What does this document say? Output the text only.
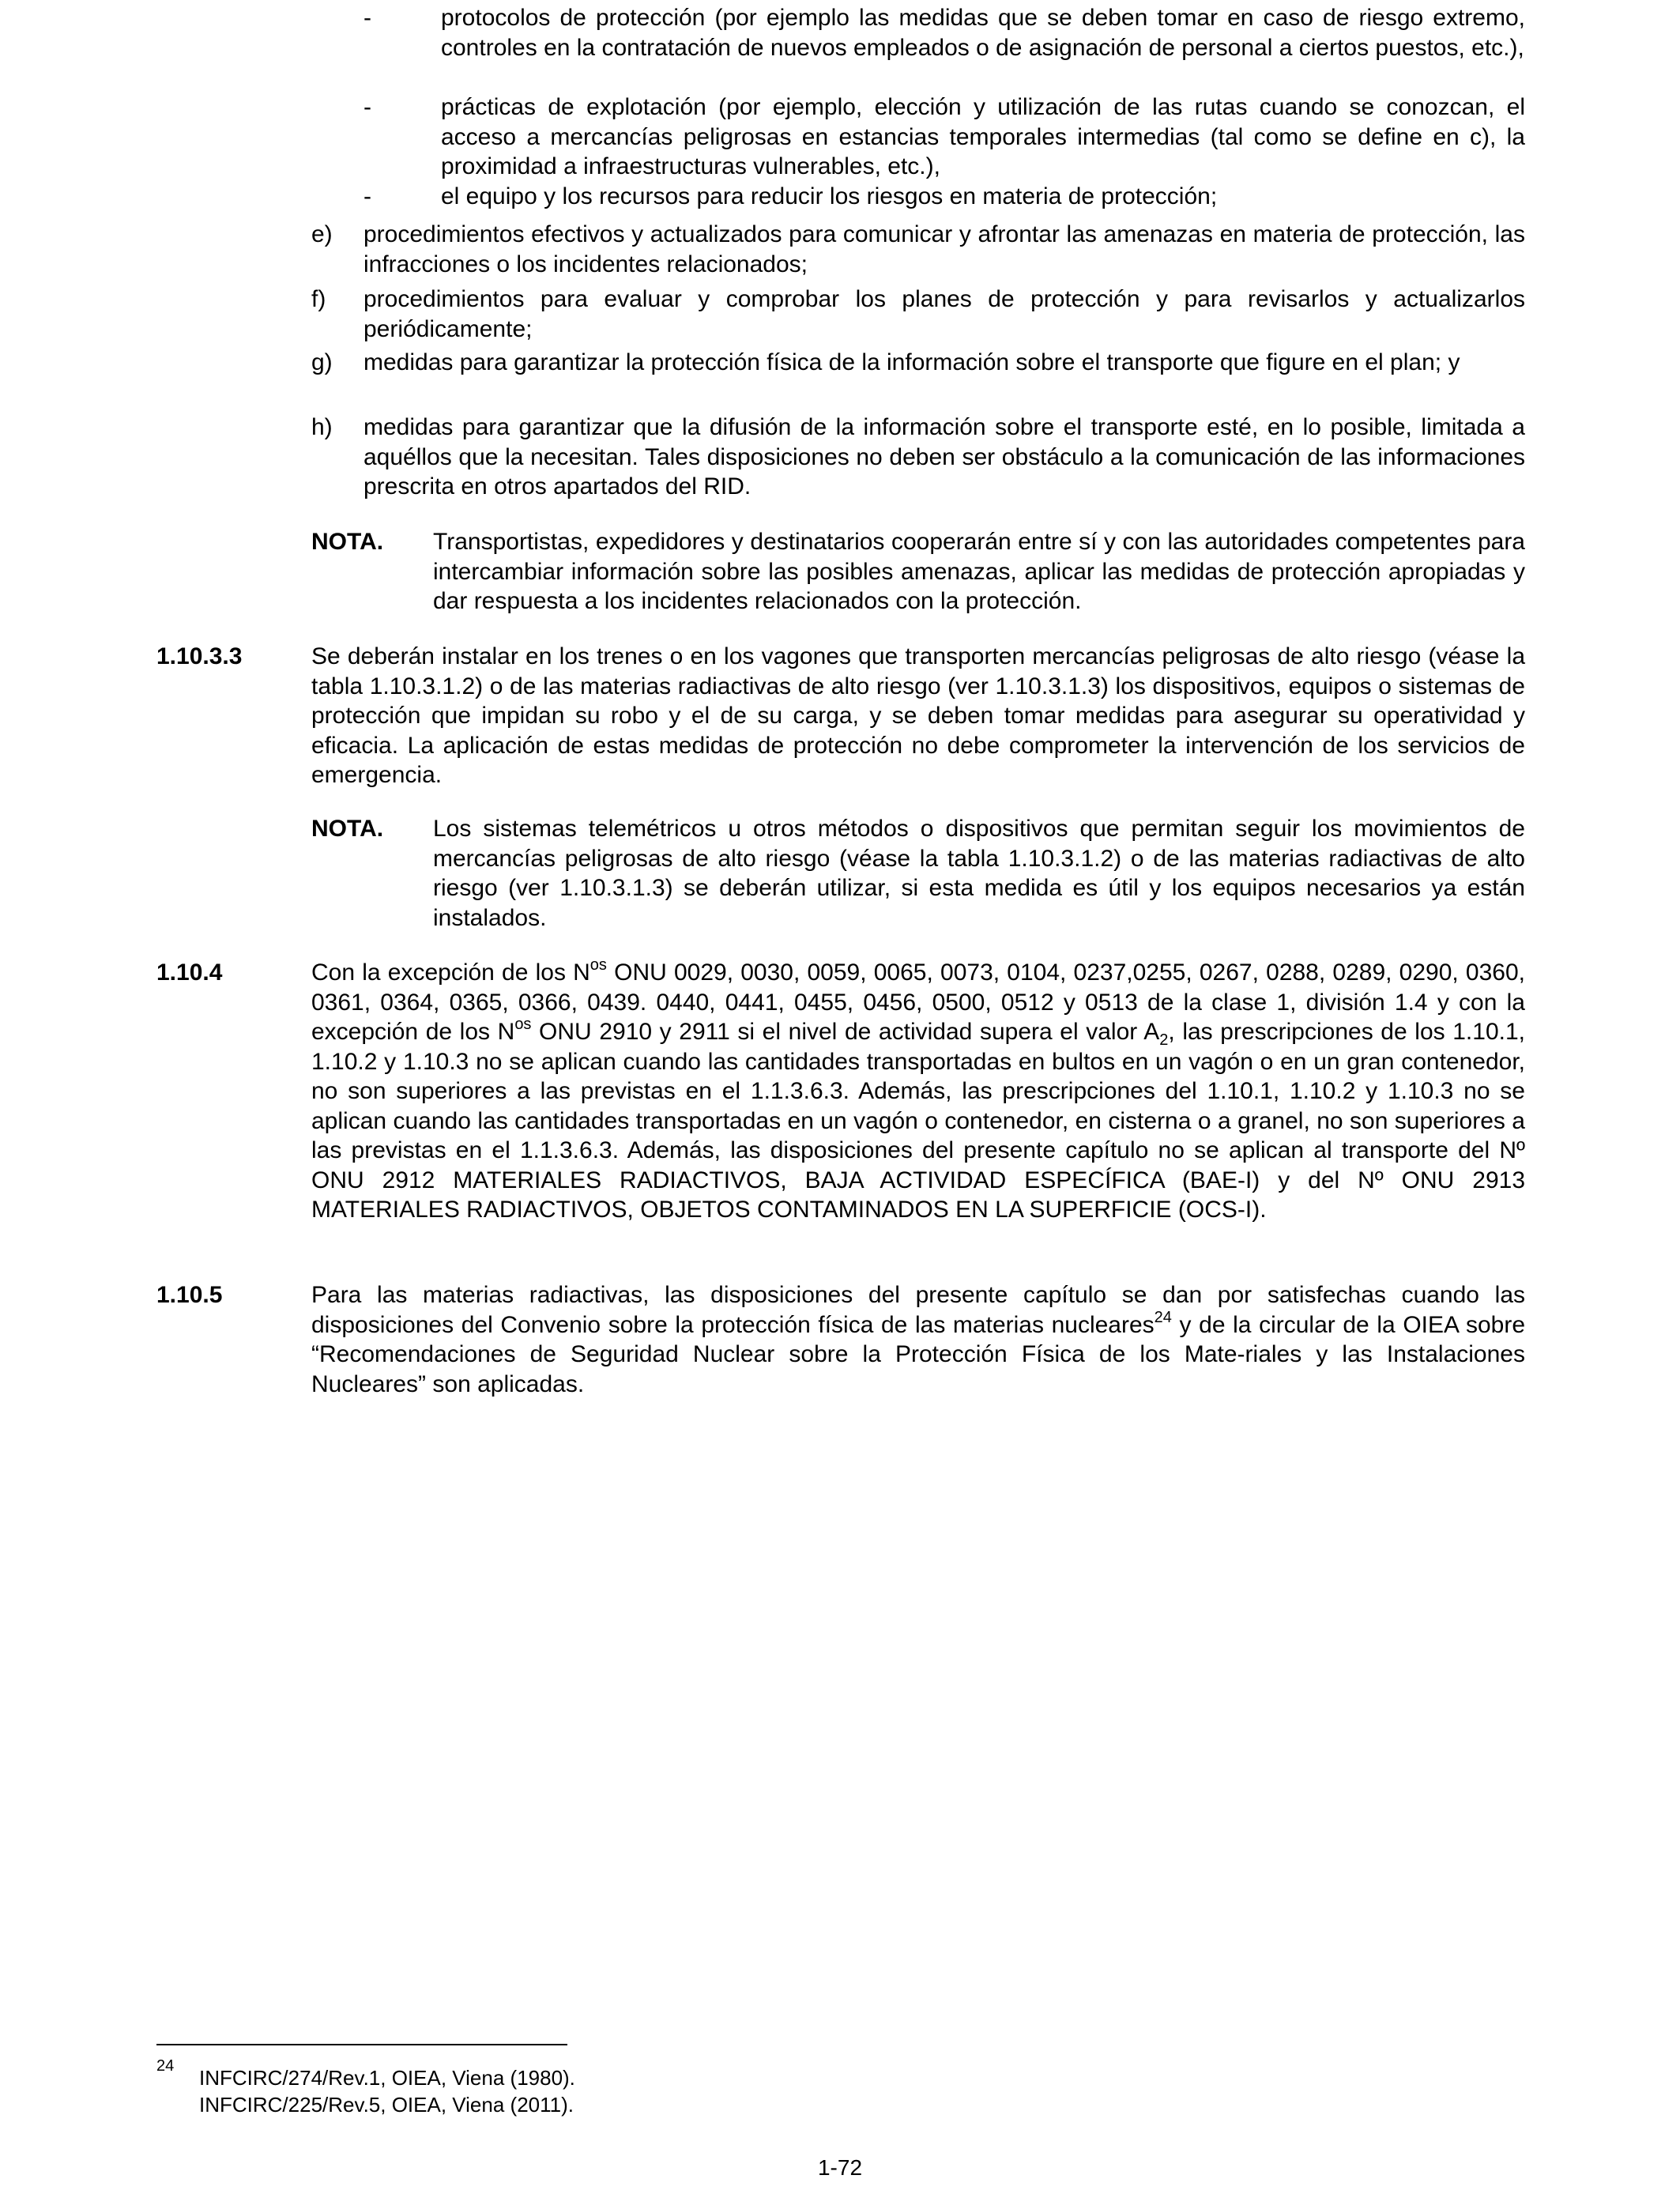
-	protocolos de protección (por ejemplo las medidas que se deben tomar en caso de riesgo extremo, controles en la contratación de nuevos empleados o de asignación de personal a ciertos puestos, etc.),
-	prácticas de explotación (por ejemplo, elección y utilización de las rutas cuando se conozcan, el acceso a mercancías peligrosas en estancias temporales intermedias (tal como se define en c), la proximidad a infraestructuras vulnerables, etc.),
-	el equipo y los recursos para reducir los riesgos en materia de protección;
e)	procedimientos efectivos y actualizados para comunicar y afrontar las amenazas en materia de protección, las infracciones o los incidentes relacionados;
f)	procedimientos para evaluar y comprobar los planes de protección y para revisarlos y actualizarlos periódicamente;
g)	medidas para garantizar la protección física de la información sobre el transporte que figure en el plan; y
h)	medidas para garantizar que la difusión de la información sobre el transporte esté, en lo posible, limitada a aquéllos que la necesitan. Tales disposiciones no deben ser obstáculo a la comunicación de las informaciones prescrita en otros apartados del RID.
NOTA. Transportistas, expedidores y destinatarios cooperarán entre sí y con las autoridades competentes para intercambiar información sobre las posibles amenazas, aplicar las medidas de protección apropiadas y dar respuesta a los incidentes relacionados con la protección.
1.10.3.3	Se deberán instalar en los trenes o en los vagones que transporten mercancías peligrosas de alto riesgo (véase la tabla 1.10.3.1.2) o de las materias radiactivas de alto riesgo (ver 1.10.3.1.3) los dispositivos, equipos o sistemas de protección que impidan su robo y el de su carga, y se deben tomar medidas para asegurar su operatividad y eficacia. La aplicación de estas medidas de protección no debe comprometer la intervención de los servicios de emergencia.
NOTA. Los sistemas telemétricos u otros métodos o dispositivos que permitan seguir los movimientos de mercancías peligrosas de alto riesgo (véase la tabla 1.10.3.1.2) o de las materias radiactivas de alto riesgo (ver 1.10.3.1.3) se deberán utilizar, si esta medida es útil y los equipos necesarios ya están instalados.
1.10.4	Con la excepción de los $N^{os}$ ONU 0029, 0030, 0059, 0065, 0073, 0104, 0237,0255, 0267, 0288, 0289, 0290, 0360, 0361, 0364, 0365, 0366, 0439. 0440, 0441, 0455, 0456, 0500, 0512 y 0513 de la clase 1, división 1.4 y con la excepción de los $N^{os}$ ONU 2910 y 2911 si el nivel de actividad supera el valor $A_2$, las prescripciones de los 1.10.1, 1.10.2 y 1.10.3 no se aplican cuando las cantidades transportadas en bultos en un vagón o en un gran contenedor, no son superiores a las previstas en el 1.1.3.6.3. Además, las prescripciones del 1.10.1, 1.10.2 y 1.10.3 no se aplican cuando las cantidades transportadas en un vagón o contenedor, en cisterna o a granel, no son superiores a las previstas en el 1.1.3.6.3. Además, las disposiciones del presente capítulo no se aplican al transporte del Nº ONU 2912 MATERIALES RADIACTIVOS, BAJA ACTIVIDAD ESPECÍFICA (BAE-I) y del Nº ONU 2913 MATERIALES RADIACTIVOS, OBJETOS CONTAMINADOS EN LA SUPERFICIE (OCS-I).
1.10.5	Para las materias radiactivas, las disposiciones del presente capítulo se dan por satisfechas cuando las disposiciones del Convenio sobre la protección física de las materias nucleares$^{24}$ y de la circular de la OIEA sobre “Recomendaciones de Seguridad Nuclear sobre la Protección Física de los Mate-riales y las Instalaciones Nucleares” son aplicadas.
24 INFCIRC/274/Rev.1, OIEA, Viena (1980).
INFCIRC/225/Rev.5, OIEA, Viena (2011).
1-72
